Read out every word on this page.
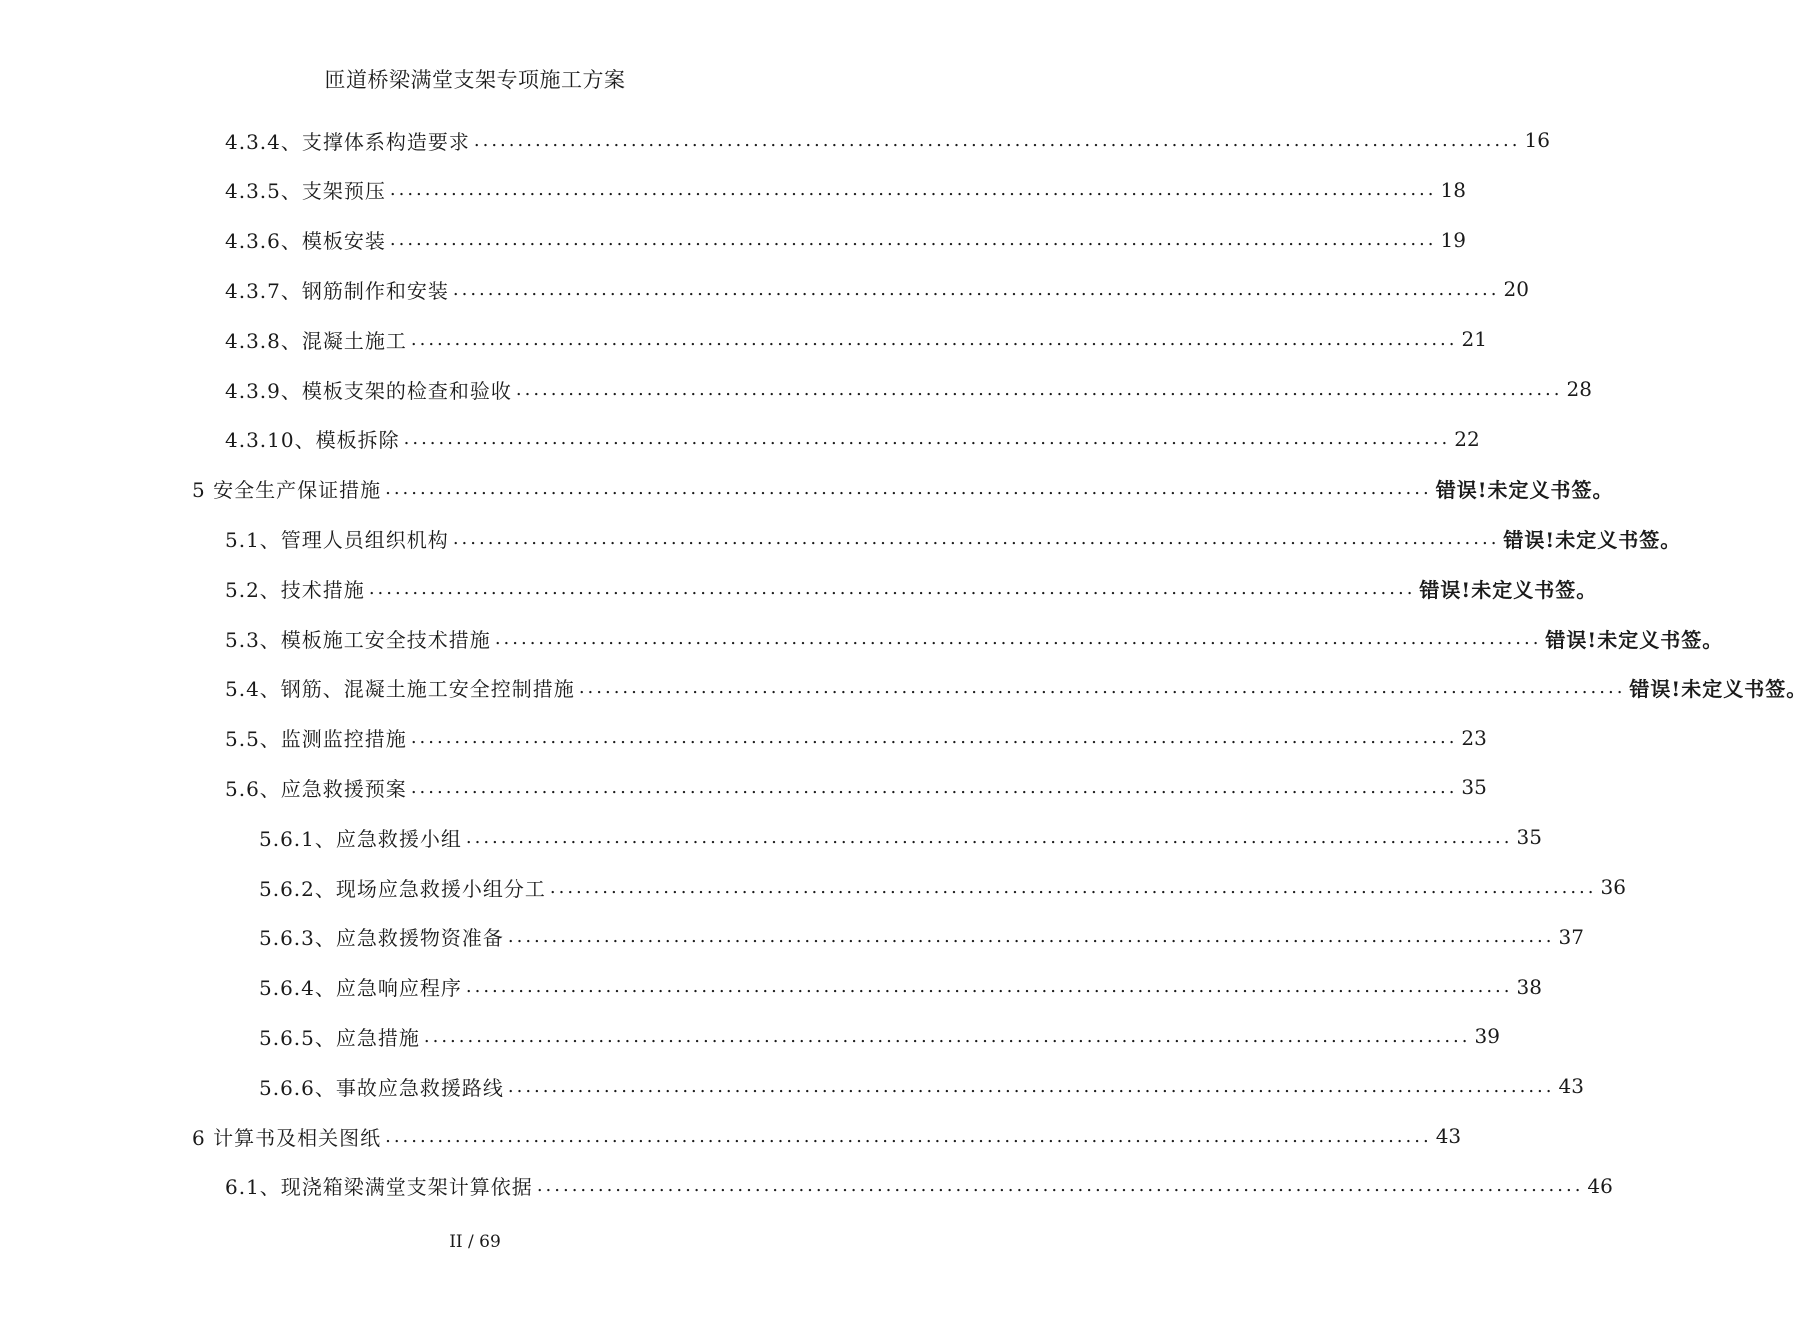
匝道桥梁满堂支架专项施工方案
4.3.4、支撑体系构造要求 ........................................................................................................................ 16
4.3.5、支架预压 ........................................................................................................................ 18
4.3.6、模板安装 ........................................................................................................................ 19
4.3.7、钢筋制作和安装 ........................................................................................................................ 20
4.3.8、混凝土施工 ........................................................................................................................ 21
4.3.9、模板支架的检查和验收 ........................................................................................................................ 28
4.3.10、模板拆除 ........................................................................................................................ 22
5 安全生产保证措施 ........................................................................................................................ 错误!未定义书签。
5.1、管理人员组织机构 ........................................................................................................................ 错误!未定义书签。
5.2、技术措施 ........................................................................................................................ 错误!未定义书签。
5.3、模板施工安全技术措施 ........................................................................................................................ 错误!未定义书签。
5.4、钢筋、混凝土施工安全控制措施 ........................................................................................................................ 错误!未定义书签。
5.5、监测监控措施 ........................................................................................................................ 23
5.6、应急救援预案 ........................................................................................................................ 35
5.6.1、应急救援小组 ........................................................................................................................ 35
5.6.2、现场应急救援小组分工 ........................................................................................................................ 36
5.6.3、应急救援物资准备 ........................................................................................................................ 37
5.6.4、应急响应程序 ........................................................................................................................ 38
5.6.5、应急措施 ........................................................................................................................ 39
5.6.6、事故应急救援路线 ........................................................................................................................ 43
6 计算书及相关图纸 ........................................................................................................................ 43
6.1、现浇箱梁满堂支架计算依据 ........................................................................................................................ 46
II / 69
